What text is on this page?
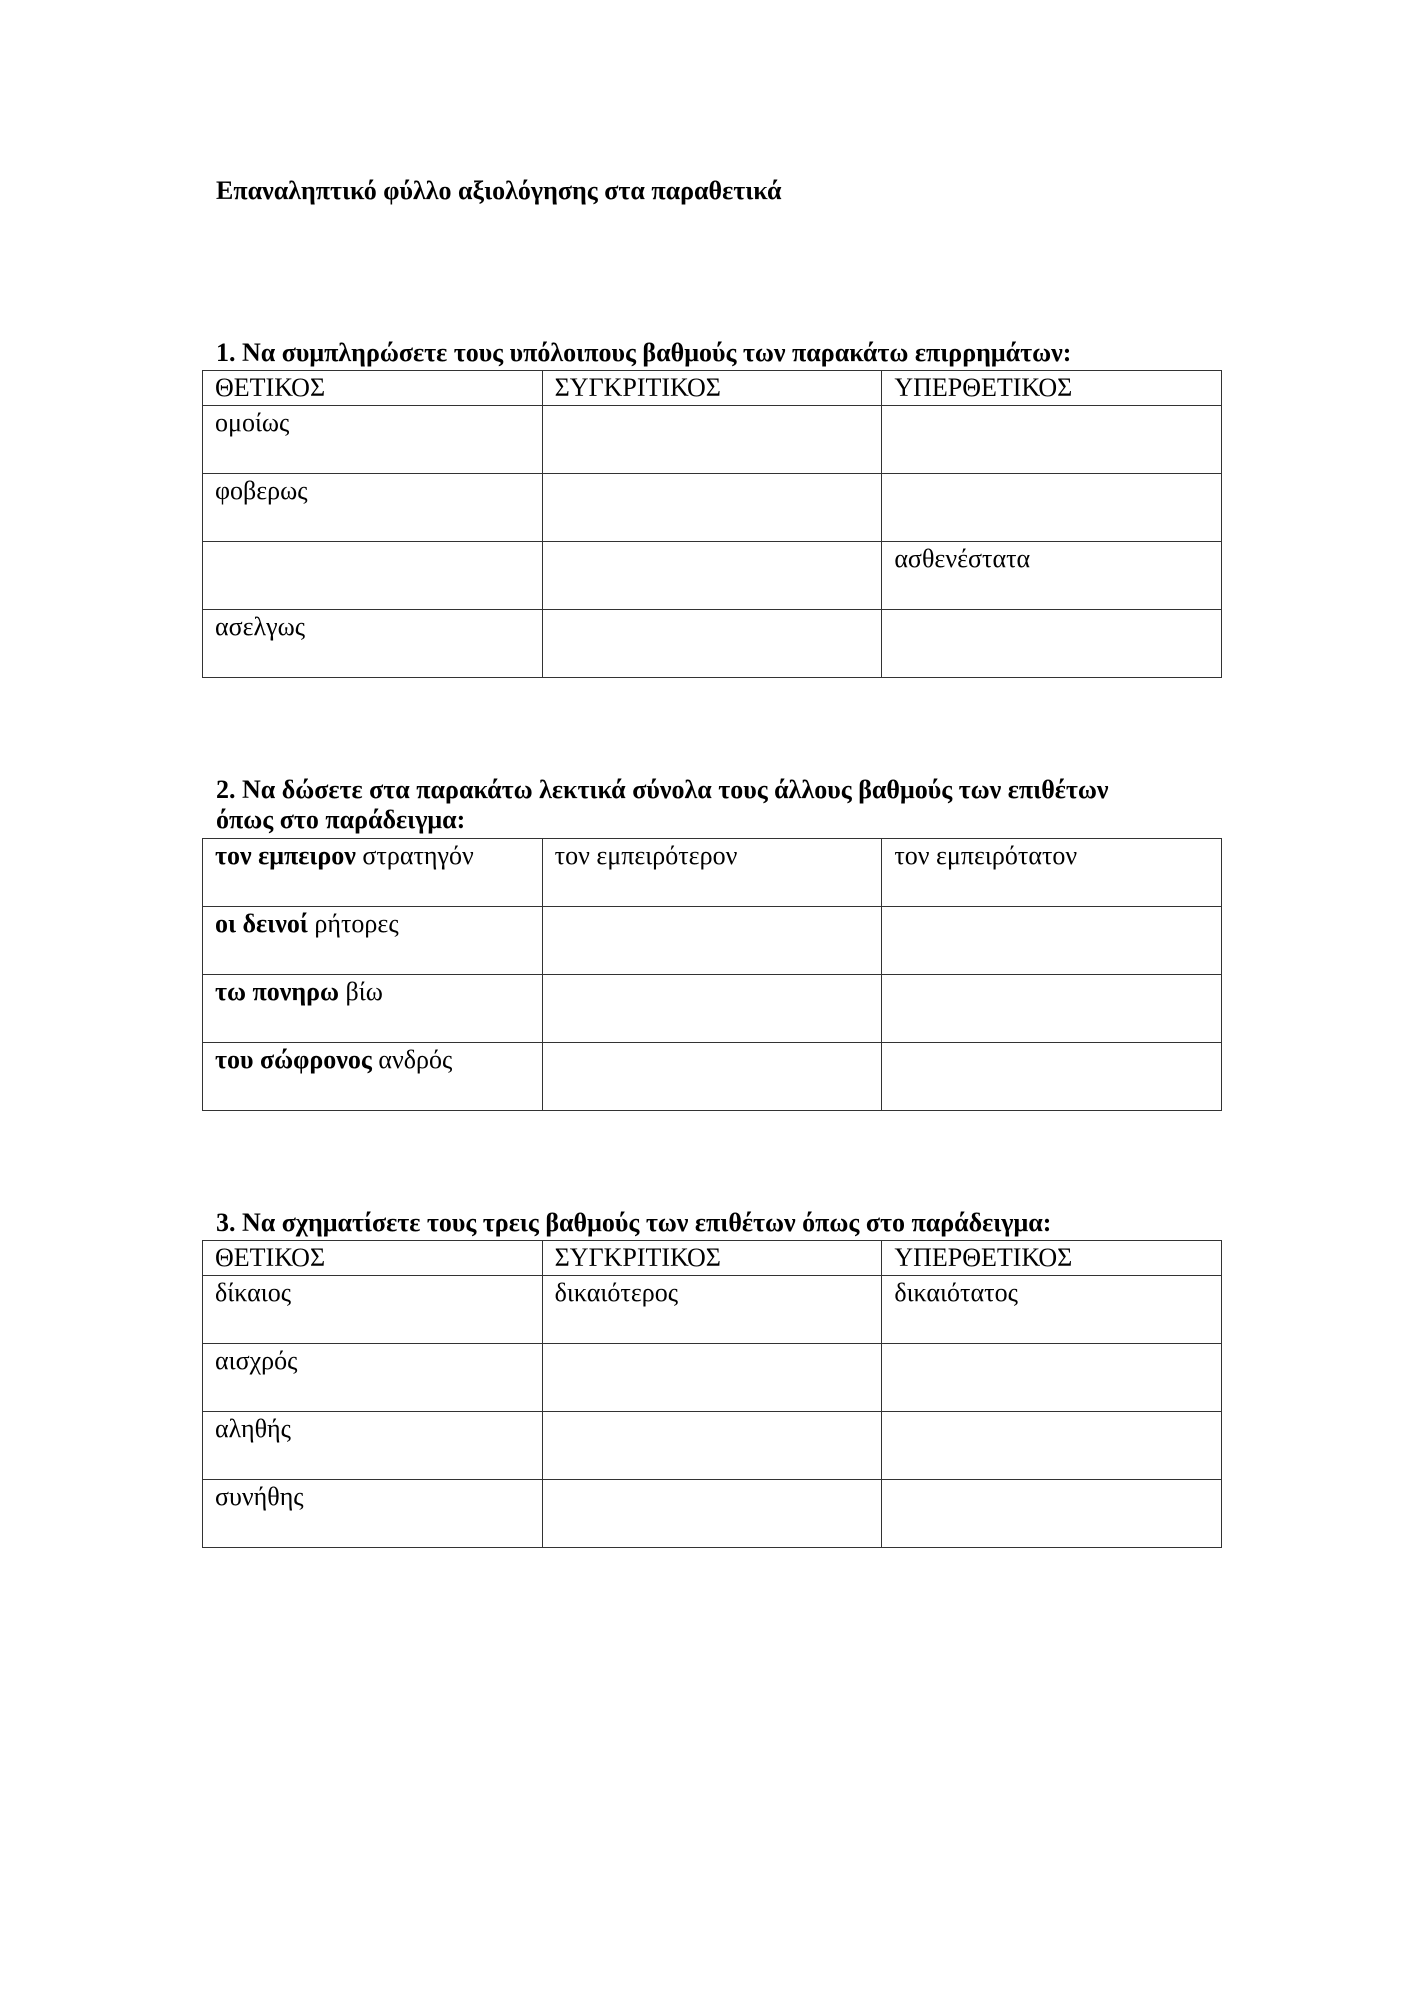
Επαναληπτικό φύλλο αξιολόγησης στα παραθετικά
1. Να συμπληρώσετε τους υπόλοιπους βαθμούς των παρακάτω επιρρημάτων:
ΘΕΤΙΚΟΣ	ΣΥΓΚΡΙΤΙΚΟΣ	ΥΠΕΡΘΕΤΙΚΟΣ
ομοίως		
φοβερως		
		ασθενέστατα
ασελγως		
2. Να δώσετε στα παρακάτω λεκτικά σύνολα τους άλλους βαθμούς των επιθέτων
όπως στο παράδειγμα:
τον εμπειρον στρατηγόν	τον εμπειρότερον	τον εμπειρότατον
οι δεινοί ρήτορες		
τω πονηρω βίω		
του σώφρονος ανδρός		
3. Να σχηματίσετε τους τρεις βαθμούς των επιθέτων όπως στο παράδειγμα:
ΘΕΤΙΚΟΣ	ΣΥΓΚΡΙΤΙΚΟΣ	ΥΠΕΡΘΕΤΙΚΟΣ
δίκαιος	δικαιότερος	δικαιότατος
αισχρός		
αληθής		
συνήθης		
